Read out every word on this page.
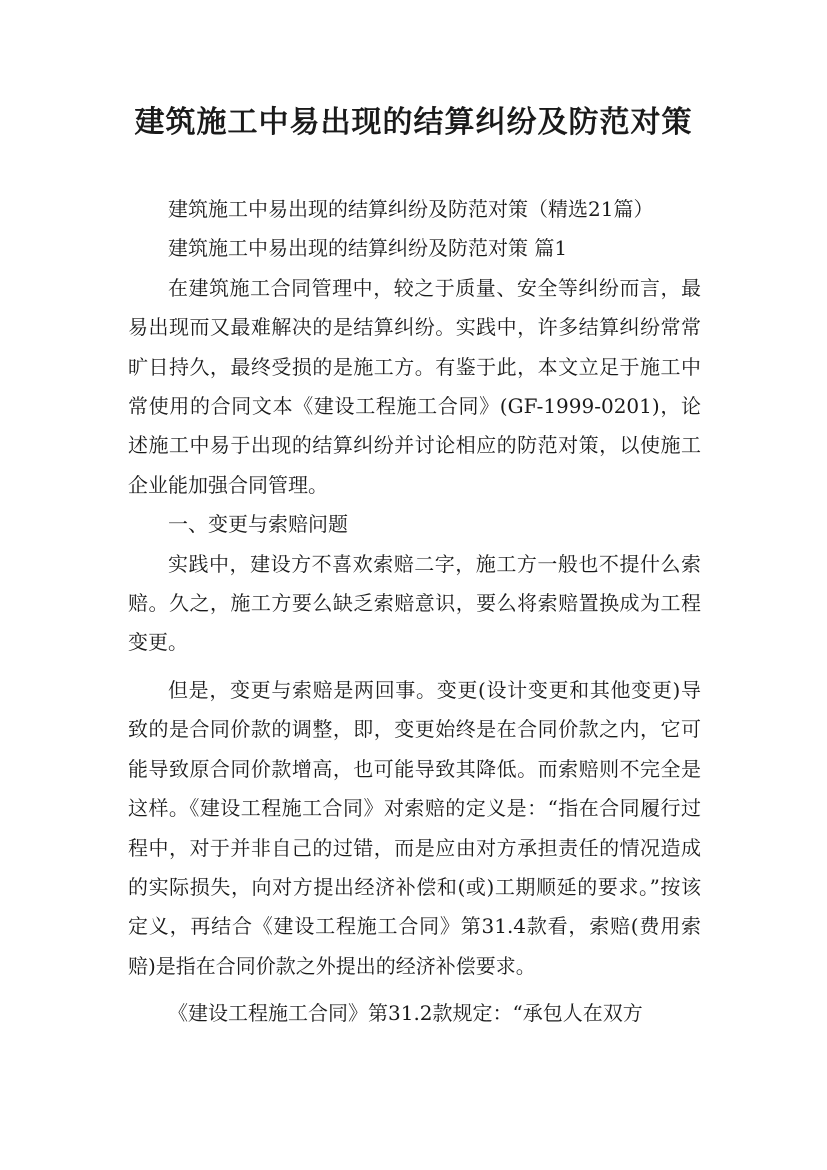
建筑施工中易出现的结算纠纷及防范对策

建筑施工中易出现的结算纠纷及防范对策（精选21篇）

建筑施工中易出现的结算纠纷及防范对策 篇1

在建筑施工合同管理中，较之于质量、安全等纠纷而言，最易出现而又最难解决的是结算纠纷。实践中，许多结算纠纷常常旷日持久，最终受损的是施工方。有鉴于此，本文立足于施工中常使用的合同文本《建设工程施工合同》(GF-1999-0201)，论述施工中易于出现的结算纠纷并讨论相应的防范对策，以使施工企业能加强合同管理。

一、变更与索赔问题

实践中，建设方不喜欢索赔二字，施工方一般也不提什么索赔。久之，施工方要么缺乏索赔意识，要么将索赔置换成为工程变更。

但是，变更与索赔是两回事。变更(设计变更和其他变更)导致的是合同价款的调整，即，变更始终是在合同价款之内，它可能导致原合同价款增高，也可能导致其降低。而索赔则不完全是这样。《建设工程施工合同》对索赔的定义是：“指在合同履行过程中，对于并非自己的过错，而是应由对方承担责任的情况造成的实际损失，向对方提出经济补偿和(或)工期顺延的要求。”按该定义，再结合《建设工程施工合同》第31.4款看，索赔(费用索赔)是指在合同价款之外提出的经济补偿要求。

《建设工程施工合同》第31.2款规定：“承包人在双方
